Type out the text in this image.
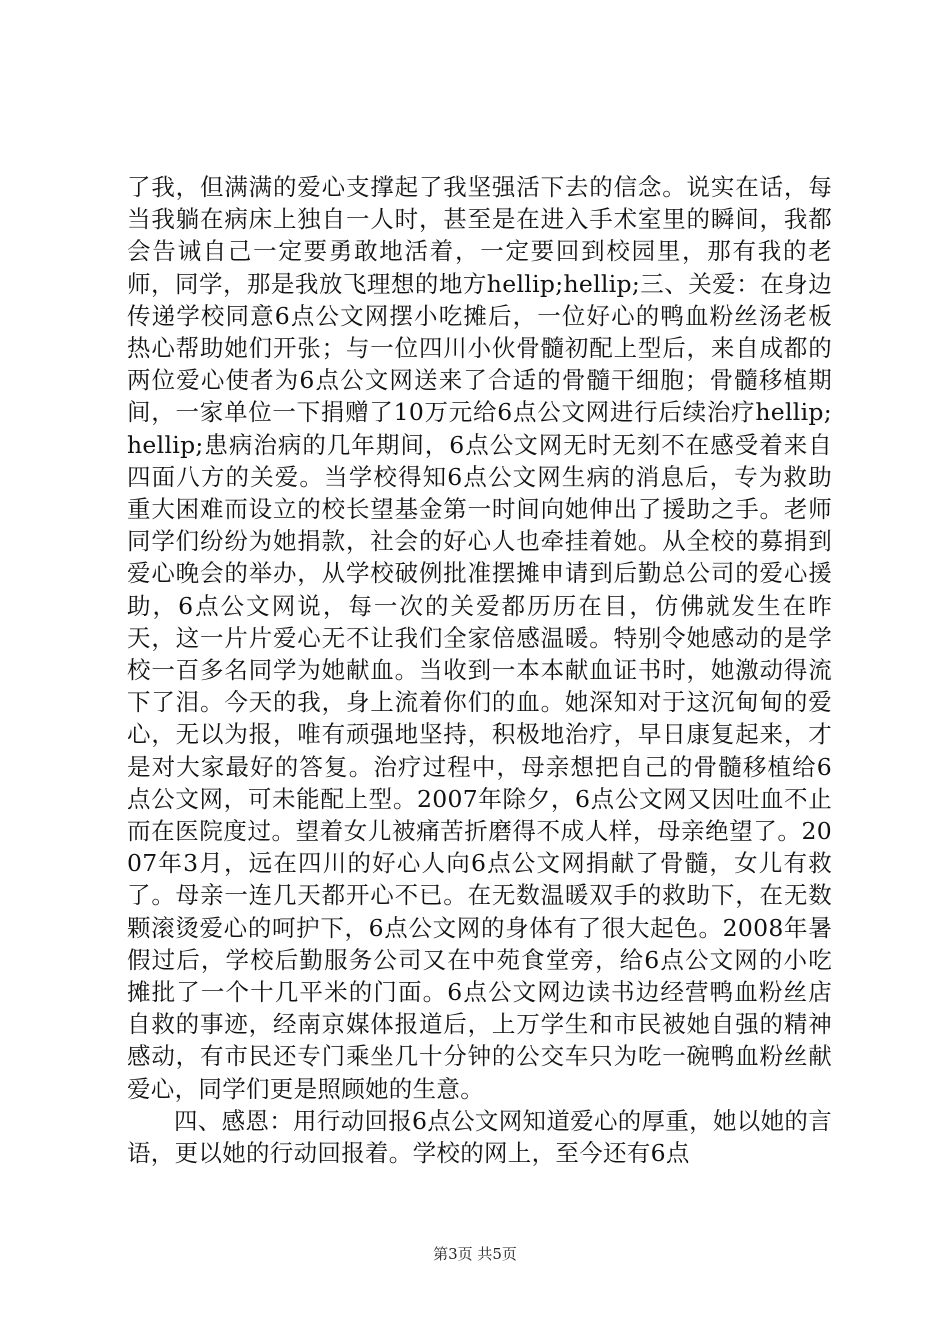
了我，但满满的爱心支撑起了我坚强活下去的信念。说实在话，每当我躺在病床上独自一人时，甚至是在进入手术室里的瞬间，我都会告诫自己一定要勇敢地活着，一定要回到校园里，那有我的老师，同学，那是我放飞理想的地方hellip;hellip;三、关爱：在身边传递学校同意6点公文网摆小吃摊后，一位好心的鸭血粉丝汤老板热心帮助她们开张；与一位四川小伙骨髓初配上型后，来自成都的两位爱心使者为6点公文网送来了合适的骨髓干细胞；骨髓移植期间，一家单位一下捐赠了10万元给6点公文网进行后续治疗hellip;hellip;患病治病的几年期间，6点公文网无时无刻不在感受着来自四面八方的关爱。当学校得知6点公文网生病的消息后，专为救助重大困难而设立的校长望基金第一时间向她伸出了援助之手。老师同学们纷纷为她捐款，社会的好心人也牵挂着她。从全校的募捐到爱心晚会的举办，从学校破例批准摆摊申请到后勤总公司的爱心援助，6点公文网说，每一次的关爱都历历在目，仿佛就发生在昨天，这一片片爱心无不让我们全家倍感温暖。特别令她感动的是学校一百多名同学为她献血。当收到一本本献血证书时，她激动得流下了泪。今天的我，身上流着你们的血。她深知对于这沉甸甸的爱心，无以为报，唯有顽强地坚持，积极地治疗，早日康复起来，才是对大家最好的答复。治疗过程中，母亲想把自己的骨髓移植给6点公文网，可未能配上型。2007年除夕，6点公文网又因吐血不止而在医院度过。望着女儿被痛苦折磨得不成人样，母亲绝望了。2007年3月，远在四川的好心人向6点公文网捐献了骨髓，女儿有救了。母亲一连几天都开心不已。在无数温暖双手的救助下，在无数颗滚烫爱心的呵护下，6点公文网的身体有了很大起色。2008年暑假过后，学校后勤服务公司又在中苑食堂旁，给6点公文网的小吃摊批了一个十几平米的门面。6点公文网边读书边经营鸭血粉丝店自救的事迹，经南京媒体报道后，上万学生和市民被她自强的精神感动，有市民还专门乘坐几十分钟的公交车只为吃一碗鸭血粉丝献爱心，同学们更是照顾她的生意。

四、感恩：用行动回报6点公文网知道爱心的厚重，她以她的言语，更以她的行动回报着。学校的网上，至今还有6点

第3页 共5页
